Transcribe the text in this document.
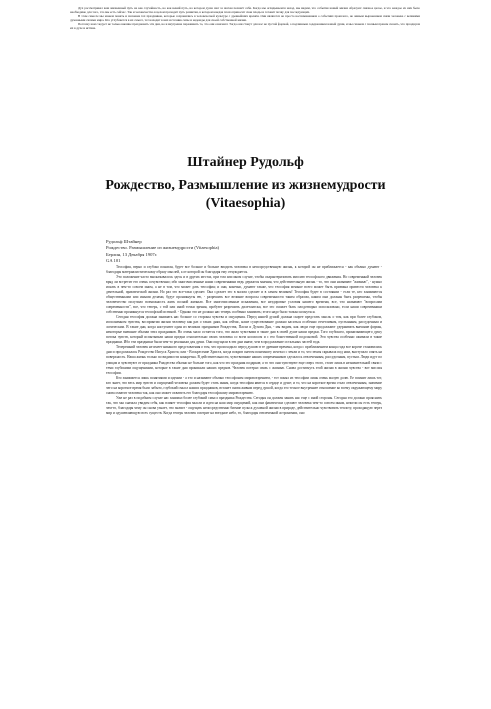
Дух рассматривал ваш жизненный путь не как случайность, но как некий путь, на котором душа шаг за шагом познаёт себя. Когда мы оглядываемся назад, мы видим, что события нашей жизни образуют связное целое, и что каждое из них было необходимо для того, что мы есть сейчас. Так и человечество в целом проходит путь развития, в котором каждая эпоха приносит свои плоды и готовит почву для последующих.

В этом смысле мы можем понять и значение тех праздников, которые сохранились в человеческой культуре с древнейших времён. Они являются не просто воспоминанием о событиях прошлого, но живым выражением связи человека с великими духовными силами мира. Кто углубляется в их смысл, тот находит в них источник силы и надежды для своей собственной жизни.

Поэтому нам следует не только внешне праздновать эти дни, но и внутренне переживать то, что они означают. Тогда они станут для нас не пустой формой, а подлинным содержанием нашей души, и мы сможем с полным правом сказать, что празднуем их в духе и истине.

Штайнер Рудольф
Рождество, Размышление из жизнемудрости
(Vitaesophia)

Рудольф Штайнер

Рождество. Размышление из жизнемудрости (Vitaesophia)

Берлин, 13 Декабря 1907г.

GA 101

Теософия, верно и глубоко понятая, будет все больше и больше вводить человека в непосредственную жизнь, к которой он не приближается - как обычно думают - благодаря материалистическому образу мыслей, а от которой он благодаря ему отчуждается.

Это положение часто высказывалось здесь и в других местах, при том или ином случае, чтобы охарактеризовать миссию теософского движения. Но современный человек вряд ли встретит его очень сочувственно; ибо многочисленные наши современники ведь держатся мнения, что действительную жизнь - то, что они называют "жизнью", - нужно искать в чем-то совсем ином, а не в том, что может дать теософия; и они, конечно, думают также, что теософия меньше всего может быть призвана привести человека к деятельной, практической жизни. Но раз это все-таки сделает. Она сделает это в малом сделает и в самом великом! Теософия будет в состоянии - если те, кто занимаются общественными или иными делами, будут проникнуты ею, - разрешить все великие вопросы современности таким образом, каким они должны быть разрешены, чтобы человечество получило возможность жить полной жизнью. Все многочисленные искажения, все нездоровые условия нашего времени, все, что называют "вопросами современности", все, что теперь, с той или иной точки зрения, пробуют разрешить дилетантски, все это сможет быть плодотворно использовано, если наши современники собственно проникнутся теософской истиной. - Однако это не должно нас теперь особенно занимать; этого надо было только коснуться.

Сегодня теософия должна занимать нас больше со стороны чувства и ощущения. Перед нашей душой должна скорее предстать мысль о том, как при более глубоком, исполненном чувства, восприятии жизни человеку как раз о таких днях, как сейчас, наше существование должно касаться особенно отчетливым, пустынным, рассудочным и логическим. В такие дни, когда наступают один из великих праздников Рождества, Пасхи и Духова Дня, - мы видим, как люди еще продолжают удерживать внешние формы, некоторые внешние обычаи этих праздников. Но очень мало остается того, что жило чувствами в такие дни в своей душе наши предки. Того глубокого, пронизывающего душу потока чувств, который испытывали наши предки относительно своих человека со всем космосом и с его божественной подосновой. Эти чувства особенно оживали в такие праздники. Ибо эти праздники были чем-то реальным для души. Они ощущали в эти дни иначе, чем в продолжение остальных частей года.

Теперешний человек не имеет никакого представления о том, что происходило перед душою в те древние времена, когда с приближением конца года все короче становились дни и продолжалась Рождество Иисуса Христа; или - Воскресение Христа, когда покров снегом понемногу исчезал с земли и то, что земля скрывала под ним, выступало опять на поверхность. Наша жизнь только по видимости конкретна. В действительности, чувствование наших современников сделалось отвлеченным, рассудочным, пустым. Люди идут по улицам и чувствуют от праздника Рождества обычно не больше того, как что это праздник подарков; а то что они чувствуют еще сверх этого, стоит лишь в незначительной связи с теми глубокими ощущениями, которые в такие дни проникали наших предков. Человек потерял связь с жизнью. Снова достигнуть этой жизни в жизни чувства - вот миссия теософии.

Кто занимается лишь понятиями и идеями - а это и называют обычно теософским мировоззрением, - тот понял из теософии лишь очень малую долю. Ее помнит лишь тот, кто знает, что весь мир чувств и ощущений человека должен будет стать иным, когда теософия явится в сердце и душе; и то, что на короткое время стало отвлеченным, значение чего на короткое время было забыто, глубокий смысл наших праздников, встанет снова живым перед душой, когда это тесное внутреннее отношение ко всему окружающему миру снова охватит человека так, как оно может охватить его благодаря теософскому мировоззрению.

Уже не раз в подобном случае нас занимал более глубокий смысл праздника Рождества. Сегодня он должен занять нас еще с иной стороны. Сегодня это должно прояснить так, что мы сначала увидим себя, как влияет теософия мысли и идеи на наш мир ощущений, как они фактически сделают человека чем-то совсем иным, нежели он есть теперь, чем-то, благодаря чему он снова узнает, что значит - ощущать непосредственно биение пульса духовной жизни в природе, действительно чувствовать теплоту, проходящую через мир и одушевляющую всех существ. Когда теперь человек смотрит на звездное небо, то, благодаря отвлеченной астрономии, оно
